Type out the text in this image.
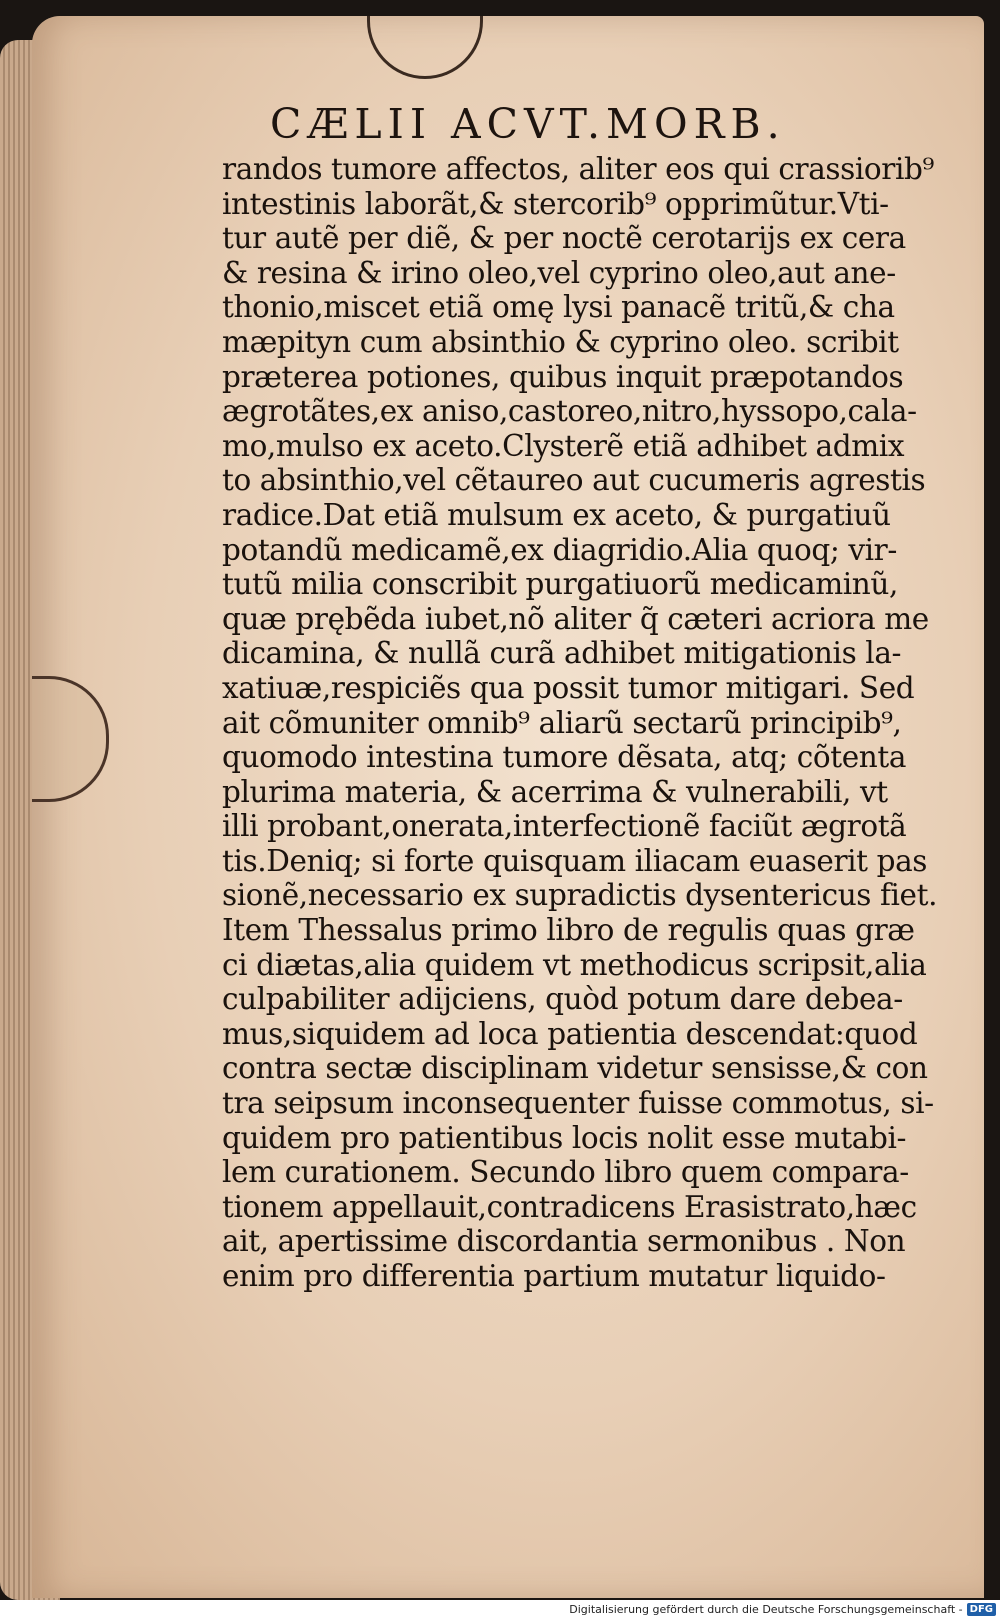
CÆLII ACVT.MORB.
randos tumore affectos, aliter eos qui crassiorib⁹
intestinis laborãt,& stercorib⁹ opprimũtur.Vti-
tur autẽ per diẽ, & per noctẽ cerotarijs ex cera
& resina & irino oleo,vel cyprino oleo,aut ane-
thonio,miscet etiã omę lysi panacẽ tritũ,& cha
mæpityn cum absinthio & cyprino oleo. scribit
præterea potiones, quibus inquit præpotandos
ægrotãtes,ex aniso,castoreo,nitro,hyssopo,cala-
mo,mulso ex aceto.Clysterẽ etiã adhibet admix
to absinthio,vel cẽtaureo aut cucumeris agrestis
radice.Dat etiã mulsum ex aceto, & purgatiuũ
potandũ medicamẽ,ex diagridio.Alia quoq; vir-
tutũ milia conscribit purgatiuorũ medicaminũ,
quæ prębẽda iubet,nõ aliter q̃ cæteri acriora me
dicamina, & nullã curã adhibet mitigationis la-
xatiuæ,respiciẽs qua possit tumor mitigari. Sed
ait cõmuniter omnib⁹ aliarũ sectarũ principib⁹,
quomodo intestina tumore dẽsata, atq; cõtenta
plurima materia, & acerrima & vulnerabili, vt
illi probant,onerata,interfectionẽ faciũt ægrotã
tis.Deniq; si forte quisquam iliacam euaserit pas
sionẽ,necessario ex supradictis dysentericus fiet.
Item Thessalus primo libro de regulis quas græ
ci diætas,alia quidem vt methodicus scripsit,alia
culpabiliter adijciens, quòd potum dare debea-
mus,siquidem ad loca patientia descendat:quod
contra sectæ disciplinam videtur sensisse,& con
tra seipsum inconsequenter fuisse commotus, si-
quidem pro patientibus locis nolit esse mutabi-
lem curationem. Secundo libro quem compara-
tionem appellauit,contradicens Erasistrato,hæc
ait, apertissime discordantia sermonibus . Non
enim pro differentia partium mutatur liquido-
Digitalisierung gefördert durch die Deutsche Forschungsgemeinschaft - DFG
